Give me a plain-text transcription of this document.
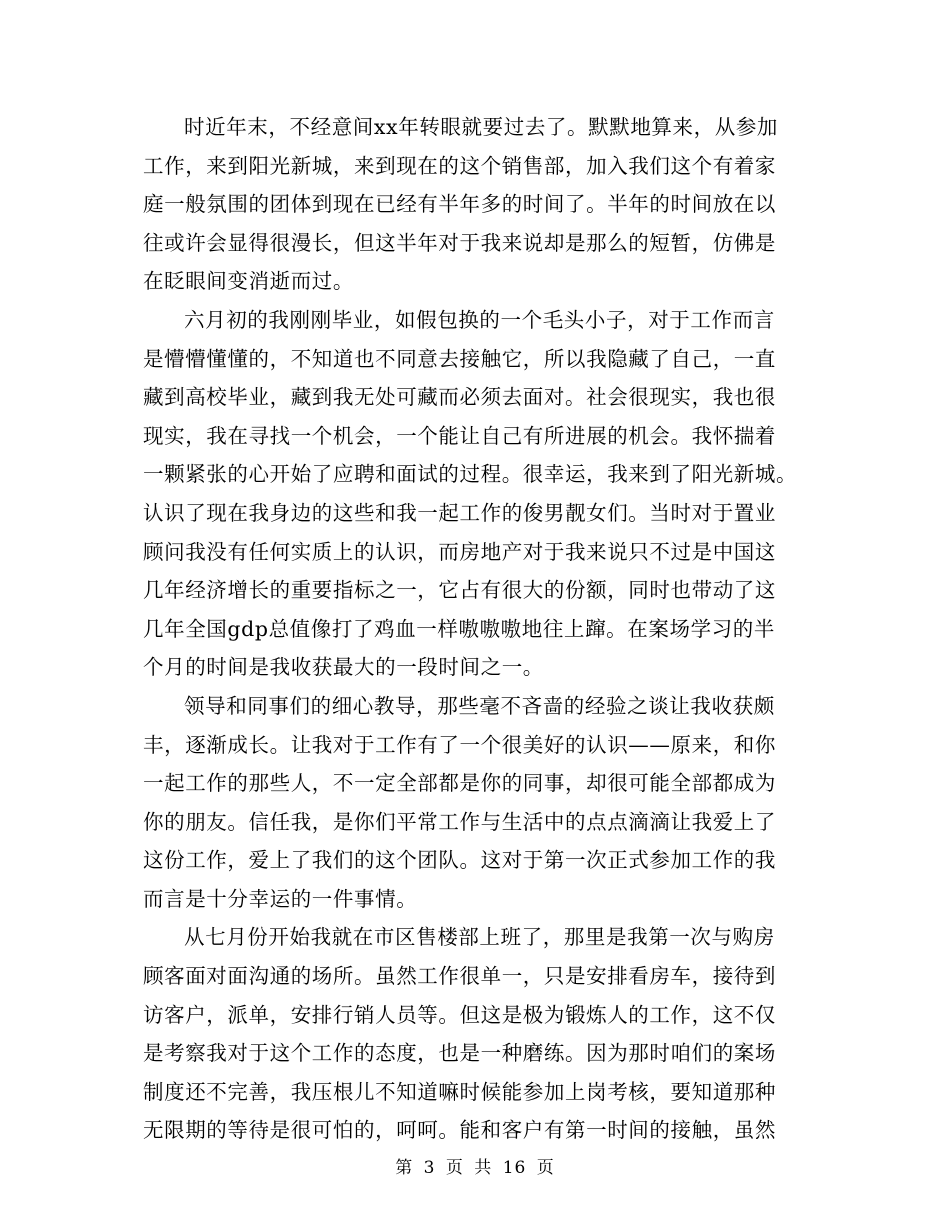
时近年末，不经意间xx年转眼就要过去了。默默地算来，从参加
工作，来到阳光新城，来到现在的这个销售部，加入我们这个有着家
庭一般氛围的团体到现在已经有半年多的时间了。半年的时间放在以
往或许会显得很漫长，但这半年对于我来说却是那么的短暂，仿佛是
在眨眼间变消逝而过。
六月初的我刚刚毕业，如假包换的一个毛头小子，对于工作而言
是懵懵懂懂的，不知道也不同意去接触它，所以我隐藏了自己，一直
藏到高校毕业，藏到我无处可藏而必须去面对。社会很现实，我也很
现实，我在寻找一个机会，一个能让自己有所进展的机会。我怀揣着
一颗紧张的心开始了应聘和面试的过程。很幸运，我来到了阳光新城。
认识了现在我身边的这些和我一起工作的俊男靓女们。当时对于置业
顾问我没有任何实质上的认识，而房地产对于我来说只不过是中国这
几年经济增长的重要指标之一，它占有很大的份额，同时也带动了这
几年全国gdp总值像打了鸡血一样嗷嗷嗷地往上蹿。在案场学习的半
个月的时间是我收获最大的一段时间之一。
领导和同事们的细心教导，那些毫不吝啬的经验之谈让我收获颇
丰，逐渐成长。让我对于工作有了一个很美好的认识——原来，和你
一起工作的那些人，不一定全部都是你的同事，却很可能全部都成为
你的朋友。信任我，是你们平常工作与生活中的点点滴滴让我爱上了
这份工作，爱上了我们的这个团队。这对于第一次正式参加工作的我
而言是十分幸运的一件事情。
从七月份开始我就在市区售楼部上班了，那里是我第一次与购房
顾客面对面沟通的场所。虽然工作很单一，只是安排看房车，接待到
访客户，派单，安排行销人员等。但这是极为锻炼人的工作，这不仅
是考察我对于这个工作的态度，也是一种磨练。因为那时咱们的案场
制度还不完善，我压根儿不知道嘛时候能参加上岗考核，要知道那种
无限期的等待是很可怕的，呵呵。能和客户有第一时间的接触，虽然
第 3 页 共 16 页
